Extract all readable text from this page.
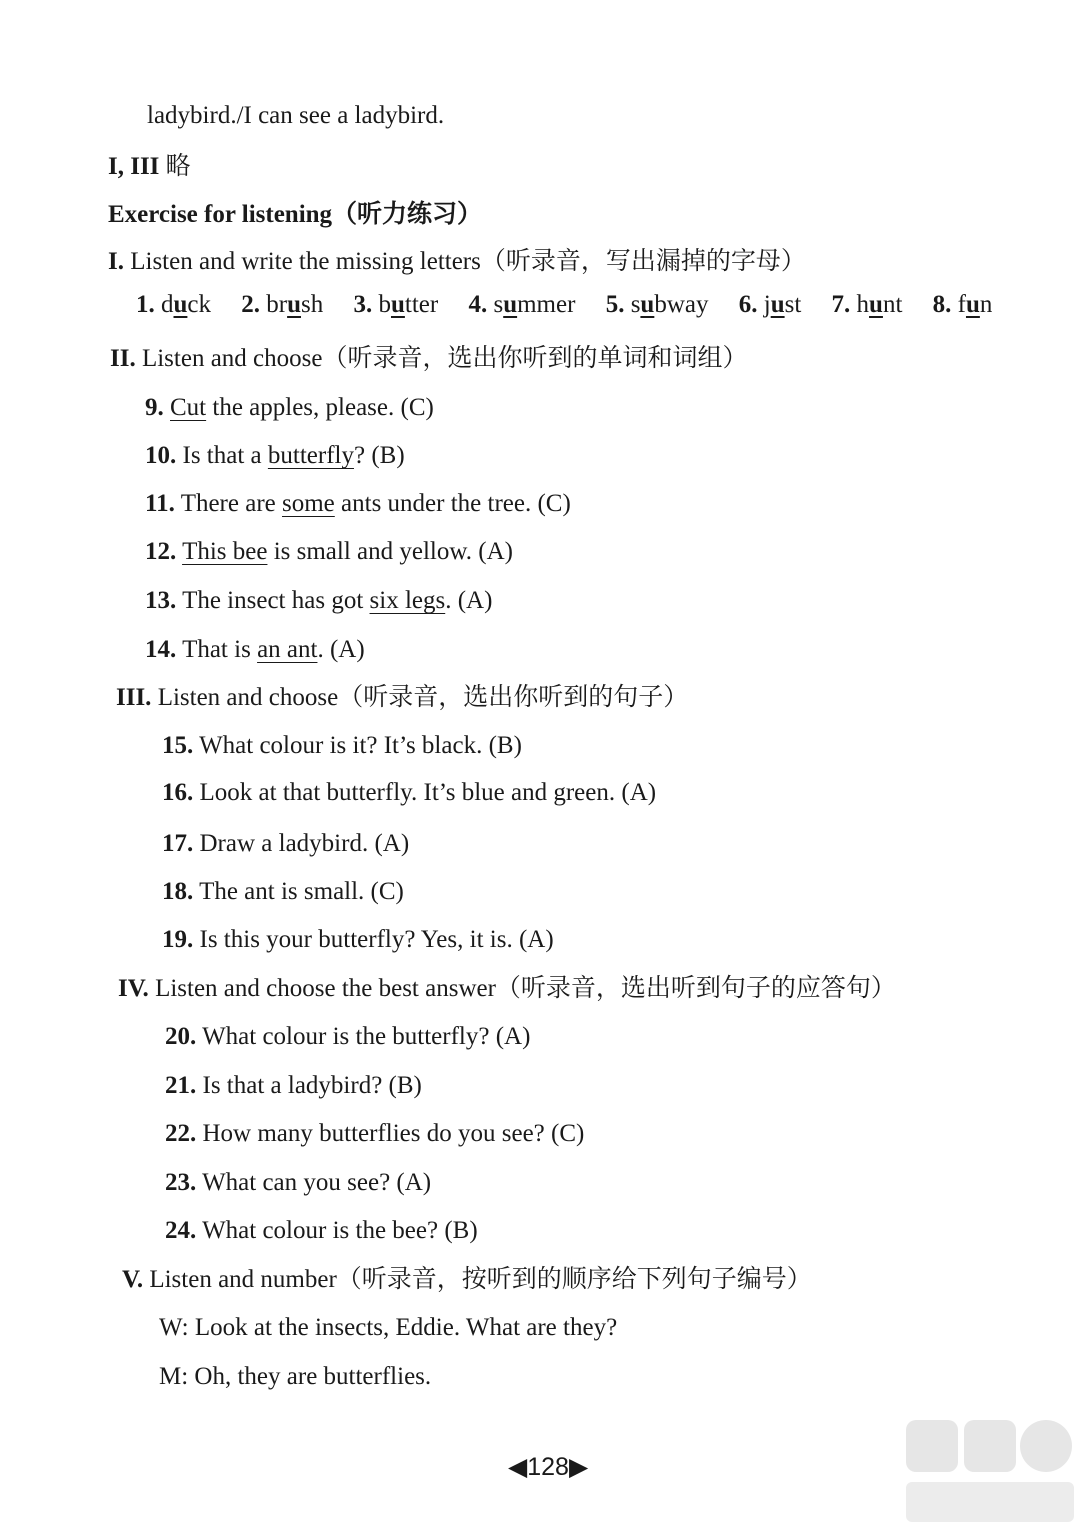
ladybird./I can see a ladybird.
I, III 略
Exercise for listening（听力练习）
I. Listen and write the missing letters（听录音，写出漏掉的字母）
1. duck 2. brush 3. butter 4. summer 5. subway 6. just 7. hunt 8. fun
II. Listen and choose（听录音，选出你听到的单词和词组）
9. Cut the apples, please. (C)
10. Is that a butterfly? (B)
11. There are some ants under the tree. (C)
12. This bee is small and yellow. (A)
13. The insect has got six legs. (A)
14. That is an ant. (A)
III. Listen and choose（听录音，选出你听到的句子）
15. What colour is it? It’s black. (B)
16. Look at that butterfly. It’s blue and green. (A)
17. Draw a ladybird. (A)
18. The ant is small. (C)
19. Is this your butterfly? Yes, it is. (A)
IV. Listen and choose the best answer（听录音，选出听到句子的应答句）
20. What colour is the butterfly? (A)
21. Is that a ladybird? (B)
22. How many butterflies do you see? (C)
23. What can you see? (A)
24. What colour is the bee? (B)
V. Listen and number（听录音，按听到的顺序给下列句子编号）
W: Look at the insects, Eddie. What are they?
M: Oh, they are butterflies.
◀128▶
